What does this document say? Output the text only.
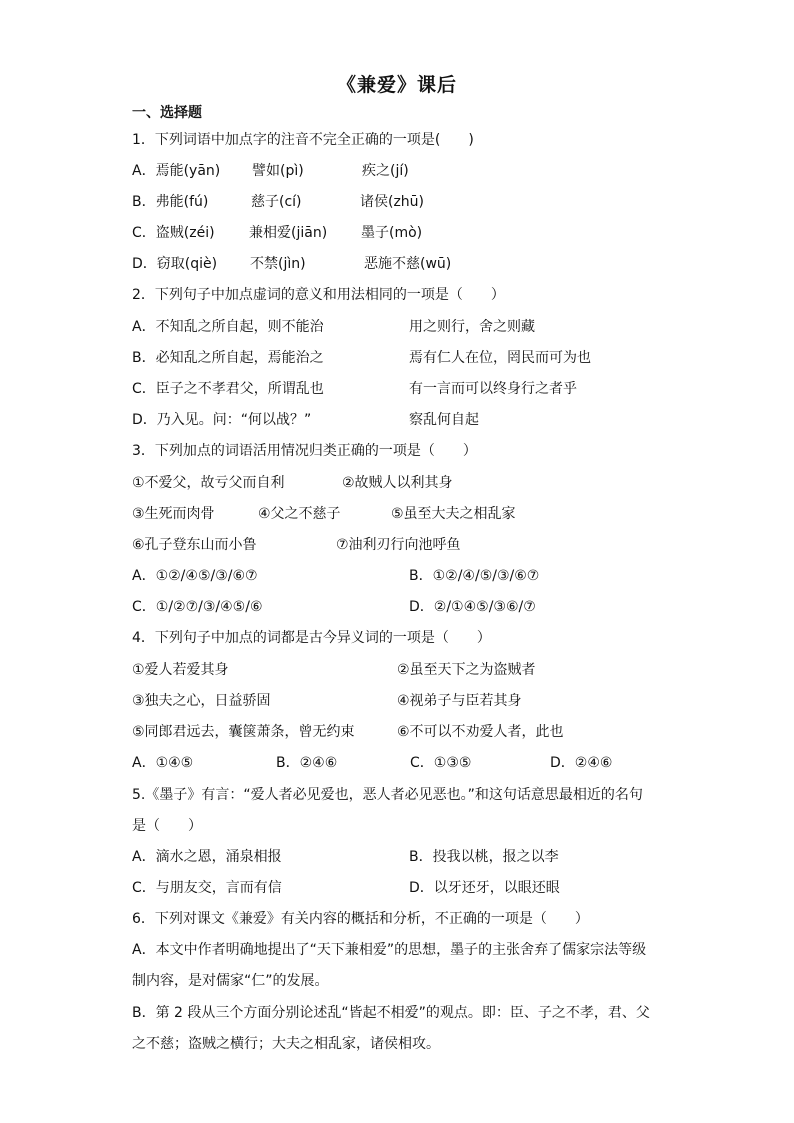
《兼爱》课后
一、选择题
1．下列词语中加点字的注音不完全正确的一项是(　　)
A．焉能(yān) 譬如(pì)	疾之(jí)
B．弗能(fú)	慈子(cí)	诸侯(zhū)
C．盗贼(zéi) 兼相爱(jiān) 墨子(mò)
D．窃取(qiè) 不禁(jìn)	恶施不慈(wū)
2．下列句子中加点虚词的意义和用法相同的一项是（　　）
A．不知乱之所自起，则不能治	用之则行，舍之则藏
B．必知乱之所自起，焉能治之	焉有仁人在位，罔民而可为也
C．臣子之不孝君父，所谓乱也	有一言而可以终身行之者乎
D．乃入见。问：“何以战？”	察乱何自起
3．下列加点的词语活用情况归类正确的一项是（　　）
①不爱父，故亏父而自利	②故贼人以利其身
③生死而肉骨	④父之不慈子	⑤虽至大夫之相乱家
⑥孔子登东山而小鲁	⑦油利刃行向池呼鱼
A．①②/④⑤/③/⑥⑦	B．①②/④/⑤/③/⑥⑦
C．①/②⑦/③/④⑤/⑥	D．②/①④⑤/③⑥/⑦
4．下列句子中加点的词都是古今异义词的一项是（　　）
①爱人若爱其身	②虽至天下之为盗贼者
③独夫之心，日益骄固	④视弟子与臣若其身
⑤同郎君远去，囊箧萧条，曾无约束	⑥不可以不劝爱人者，此也
A．①④⑤	B．②④⑥	C．①③⑤	D．②④⑥
5.《墨子》有言：“爱人者必见爱也，恶人者必见恶也。”和这句话意思最相近的名句
是（　　）
A．滴水之恩，涌泉相报	B．投我以桃，报之以李
C．与朋友交，言而有信	D．以牙还牙，以眼还眼
6．下列对课文《兼爱》有关内容的概括和分析，不正确的一项是（　　）
A．本文中作者明确地提出了“天下兼相爱”的思想，墨子的主张舍弃了儒家宗法等级
制内容，是对儒家“仁”的发展。
B．第 2 段从三个方面分别论述乱“皆起不相爱”的观点。即：臣、子之不孝，君、父
之不慈；盗贼之横行；大夫之相乱家，诸侯相攻。
